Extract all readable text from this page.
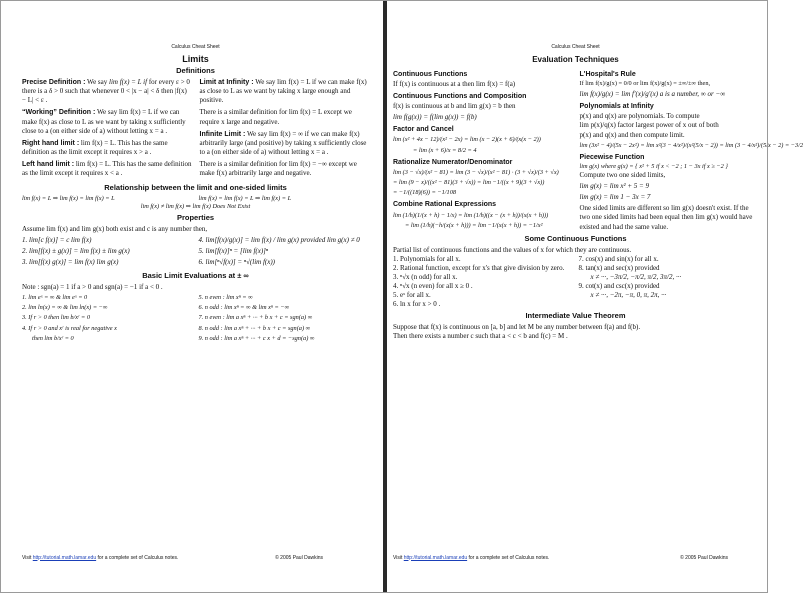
Calculus Cheat Sheet
Limits
Definitions
Precise Definition : We say lim f(x) = L if for every ε > 0 there is a δ > 0 such that whenever 0 < |x − a| < δ then |f(x) − L| < ε .
“Working” Definition : We say lim f(x) = L if we can make f(x) as close to L as we want by taking x sufficiently close to a (on either side of a) without letting x = a .
Right hand limit : lim f(x) = L. This has the same definition as the limit except it requires x > a .
Left hand limit : lim f(x) = L. This has the same definition as the limit except it requires x < a .
Limit at Infinity : We say lim f(x) = L if we can make f(x) as close to L as we want by taking x large enough and positive.
There is a similar definition for lim f(x) = L except we require x large and negative.
Infinite Limit : We say lim f(x) = ∞ if we can make f(x) arbitrarily large (and positive) by taking x sufficiently close to a (on either side of a) without letting x = a .
There is a similar definition for lim f(x) = −∞ except we make f(x) arbitrarily large and negative.
Relationship between the limit and one-sided limits
lim f(x) = L ⇒ lim f(x) = lim f(x) = L	lim f(x) = lim f(x) = L ⇒ lim f(x) = L
lim f(x) ≠ lim f(x) ⇒ lim f(x) Does Not Exist
Properties
Assume lim f(x) and lim g(x) both exist and c is any number then,
1. lim[c f(x)] = c lim f(x)
2. lim[f(x) ± g(x)] = lim f(x) ± lim g(x)
3. lim[f(x) g(x)] = lim f(x) lim g(x)
4. lim[f(x)/g(x)] = lim f(x) / lim g(x) provided lim g(x) ≠ 0
5. lim[f(x)]ⁿ = [lim f(x)]ⁿ
6. lim[ⁿ√f(x)] = ⁿ√(lim f(x))
Basic Limit Evaluations at ± ∞
Note : sgn(a) = 1 if a > 0 and sgn(a) = −1 if a < 0 .
1. lim eˣ = ∞ & lim eˣ = 0
2. lim ln(x) = ∞ & lim ln(x) = −∞
3. If r > 0 then lim b/xʳ = 0
4. If r > 0 and xʳ is real for negative x
then lim b/xʳ = 0
5. n even : lim xⁿ = ∞
6. n odd : lim xⁿ = ∞ & lim xⁿ = −∞
7. n even : lim a xⁿ + ··· + b x + c = sgn(a) ∞
8. n odd : lim a xⁿ + ··· + b x + c = sgn(a) ∞
9. n odd : lim a xⁿ + ··· + c x + d = −sgn(a) ∞
Visit http://tutorial.math.lamar.edu for a complete set of Calculus notes.	© 2005 Paul Dawkins
Calculus Cheat Sheet
Evaluation Techniques
Continuous Functions
If f(x) is continuous at a then lim f(x) = f(a)
Continuous Functions and Composition
f(x) is continuous at b and lim g(x) = b then
lim f(g(x)) = f(lim g(x)) = f(b)
Factor and Cancel
lim (x² + 4x − 12)/(x² − 2x) = lim (x − 2)(x + 6)/(x(x − 2))
= lim (x + 6)/x = 8/2 = 4
Rationalize Numerator/Denominator
lim (3 − √x)/(x² − 81) = lim (3 − √x)/(x² − 81) · (3 + √x)/(3 + √x)
= lim (9 − x)/((x² − 81)(3 + √x)) = lim −1/((x + 9)(3 + √x))
= −1/((18)(6)) = −1/108
Combine Rational Expressions
lim (1/h)(1/(x + h) − 1/x) = lim (1/h)((x − (x + h))/(x(x + h)))
= lim (1/h)(−h/(x(x + h))) = lim −1/(x(x + h)) = −1/x²
L'Hospital's Rule
If lim f(x)/g(x) = 0/0 or lim f(x)/g(x) = ±∞/±∞ then,
lim f(x)/g(x) = lim f′(x)/g′(x) a is a number, ∞ or −∞
Polynomials at Infinity
p(x) and q(x) are polynomials. To compute
lim p(x)/q(x) factor largest power of x out of both
p(x) and q(x) and then compute limit.
lim (3x² − 4)/(5x − 2x²) = lim x²(3 − 4/x²)/(x²(5/x − 2)) = lim (3 − 4/x²)/(5/x − 2) = −3/2
Piecewise Function
lim g(x) where g(x) = { x² + 5 if x < −2 ; 1 − 3x if x ≥ −2 }
Compute two one sided limits,
lim g(x) = lim x² + 5 = 9
lim g(x) = lim 1 − 3x = 7
One sided limits are different so lim g(x) doesn't exist. If the two one sided limits had been equal then lim g(x) would have existed and had the same value.
Some Continuous Functions
Partial list of continuous functions and the values of x for which they are continuous.
1. Polynomials for all x.
2. Rational function, except for x's that give division by zero.
3. ⁿ√x (n odd) for all x.
4. ⁿ√x (n even) for all x ≥ 0 .
5. eˣ for all x.
6. ln x for x > 0 .
7. cos(x) and sin(x) for all x.
8. tan(x) and sec(x) provided
x ≠ ···, −3π/2, −π/2, π/2, 3π/2, ···
9. cot(x) and csc(x) provided
x ≠ ···, −2π, −π, 0, π, 2π, ···
Intermediate Value Theorem
Suppose that f(x) is continuous on [a, b] and let M be any number between f(a) and f(b).
Then there exists a number c such that a < c < b and f(c) = M .
Visit http://tutorial.math.lamar.edu for a complete set of Calculus notes.	© 2005 Paul Dawkins
